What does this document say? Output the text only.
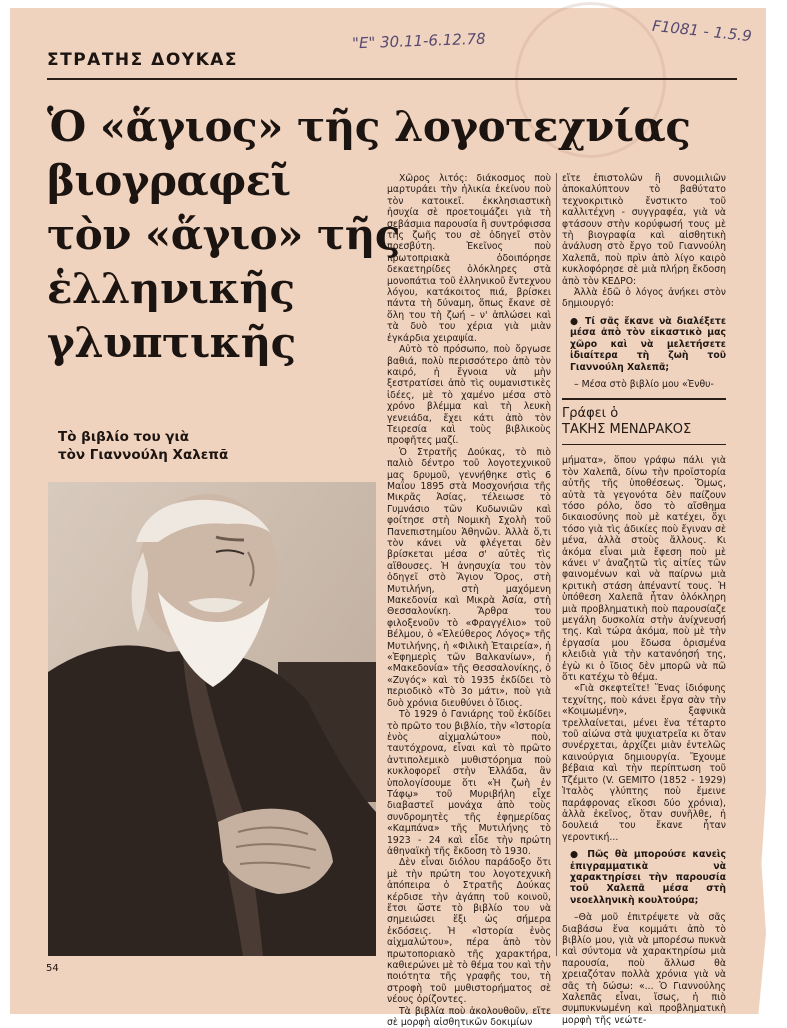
"E" 30.11-6.12.78	F1081 - 1.5.9
ΣΤΡΑΤΗΣ ΔΟΥΚΑΣ
Ὁ «ἅγιος» τῆς λογοτεχνίας
βιογραφεῖ
τὸν «ἅγιο» τῆς
ἑλληνικῆς
γλυπτικῆς
Τὸ βιβλίο του γιὰ
τὸν Γιαννούλη Χαλεπᾶ

Χῶρος λιτός: διάκοσμος ποὺ μαρτυράει τὴν ἡλικία ἐκείνου ποὺ τὸν κατοικεῖ. ἐκκλησιαστικὴ ἡσυχία σὲ προετοιμάζει γιὰ τὴ σεβάσμια παρουσία ἢ συντρόφισσα τῆς ζωῆς του σὲ ὁδηγεῖ στὸν πρεσβύτη. Ἐκεῖνος ποὺ πρωτοπριακὰ ὁδοιπόρησε δεκαετηρίδες ὁλόκληρες στὰ μονοπάτια τοῦ ἑλληνικοῦ ἔντεχνου λόγου, κατάκοιτος πιά, βρίσκει πάντα τὴ δύναμη, ὅπως ἔκανε σὲ ὅλη του τὴ ζωή – ν' ἁπλώσει καὶ τὰ δυὸ του χέρια γιὰ μιὰν ἐγκάρδια χειραψία.

Αὐτὸ τὸ πρόσωπο, ποὺ ὄργωσε βαθιά, πολὺ περισσότερο ἀπὸ τὸν καιρό, ἡ ἔγνοια νὰ μὴν ξεστρατίσει ἀπὸ τὶς ουμανιστικὲς ἰδέες, μὲ τὸ χαμένο μέσα στὸ χρόνο βλέμμα καὶ τὴ λευκὴ γενειάδα, ἔχει κάτι ἀπὸ τὸν Τειρεσία καὶ τοὺς βιβλικοὺς προφῆτες μαζί.

Ὁ Στρατῆς Δούκας, τὸ πιὸ παλιὸ δέντρο τοῦ λογοτεχνικοῦ μας δρυμοῦ, γεννήθηκε στὶς 6 Μαΐου 1895 στὰ Μοσχονήσια τῆς Μικρᾶς Ἀσίας, τέλειωσε τὸ Γυμνάσιο τῶν Κυδωνιῶν καὶ φοίτησε στὴ Νομικὴ Σχολὴ τοῦ Πανεπιστημίου Ἀθηνῶν. Ἀλλὰ ὅ,τι τὸν κάνει νὰ φλέγεται δὲν βρίσκεται μέσα σ' αὐτὲς τὶς αἴθουσες. Ἡ ἀνησυχία του τὸν ὁδηγεῖ στὸ Ἅγιον Ὄρος, στὴ Μυτιλήνη, στὴ μαχόμενη Μακεδονία καὶ Μικρὰ Ἀσία, στὴ Θεσσαλονίκη. Ἄρθρα του φιλοξενοῦν τὸ «Φραγγέλιο» τοῦ Βέλμου, ὁ «Ἐλεύθερος Λόγος» τῆς Μυτιλήνης, ἡ «Φιλικὴ Ἑταιρεία», ἡ «Ἐφημερὶς τῶν Βαλκανίων», ἡ «Μακεδονία» τῆς Θεσσαλονίκης, ὁ «Ζυγός» καὶ τὸ 1935 ἐκδίδει τὸ περιοδικὸ «Τὸ 3ο μάτι», ποὺ γιὰ δυὸ χρόνια διευθύνει ὁ ἴδιος.

Τὸ 1929 ὁ Γανιάρης τοῦ ἐκδίδει τὸ πρῶτο του βιβλίο, τὴν «Ἱστορία ἑνὸς αἰχμαλώτου» ποὺ, ταυτόχρονα, εἶναι καὶ τὸ πρῶτο ἀντιπολεμικὸ μυθιστόρημα ποὺ κυκλοφορεῖ στὴν Ἑλλάδα, ἂν ὑπολογίσουμε ὅτι «Ἡ ζωὴ ἐν Τάφῳ» τοῦ Μυριβήλη εἶχε διαβαστεῖ μονάχα ἀπὸ τοὺς συνδρομητὲς τῆς ἐφημερίδας «Καμπάνα» τῆς Μυτιλήνης τὸ 1923 - 24 καὶ εἶδε τὴν πρώτη ἀθηναϊκὴ τῆς ἔκδοση τὸ 1930.

Δὲν εἶναι διόλου παράδοξο ὅτι μὲ τὴν πρώτη του λογοτεχνικὴ ἀπόπειρα ὁ Στρατῆς Δούκας κέρδισε τὴν ἀγάπη τοῦ κοινοῦ, ἔτσι ὥστε τὸ βιβλίο του νὰ σημειώσει ἕξι ὡς σήμερα ἐκδόσεις. Ἡ «Ἱστορία ἑνὸς αἰχμαλώτου», πέρα ἀπὸ τὸν πρωτοποριακὸ τῆς χαρακτήρα, καθιερώνει μὲ τὸ θέμα του καὶ τὴν ποιότητα τῆς γραφῆς του, τὴ στροφὴ τοῦ μυθιστορήματος σὲ νέους ὁρίζοντες.

Τὰ βιβλία ποὺ ἀκολουθοῦν, εἴτε σὲ μορφὴ αἰσθητικῶν δοκιμίων

εἴτε ἐπιστολῶν ἢ συνομιλιῶν ἀποκαλύπτουν τὸ βαθύτατο τεχνοκριτικὸ ἔνστικτο τοῦ καλλιτέχνη - συγγραφέα, γιὰ νὰ φτάσουν στὴν κορύφωσή τους μὲ τὴ βιογραφία καὶ αἰσθητικὴ ἀνάλυση στὸ ἔργο τοῦ Γιαννούλη Χαλεπᾶ, ποὺ πρὶν ἀπὸ λίγο καιρὸ κυκλοφόρησε σὲ μιὰ πλήρη ἔκδοση ἀπὸ τὸν ΚΕΔΡΟ:

Ἀλλὰ ἐδῶ ὁ λόγος ἀνήκει στὸν δημιουργό:

● Τί σᾶς ἔκανε νὰ διαλέξετε μέσα ἀπὸ τὸν εἰκαστικὸ μας χῶρο καὶ νὰ μελετήσετε ἰδιαίτερα τὴ ζωὴ τοῦ Γιαννούλη Χαλεπᾶ;

– Μέσα στὸ βιβλίο μου «Ἐνθυ-

Γράφει ὁ
ΤΑΚΗΣ ΜΕΝΔΡΑΚΟΣ

μήματα», ὅπου γράφω πάλι γιὰ τὸν Χαλεπᾶ, δίνω τὴν προϊστορία αὐτῆς τῆς ὑποθέσεως. Ὅμως, αὐτὰ τὰ γεγονότα δὲν παίζουν τόσο ρόλο, ὅσο τὸ αἴσθημα δικαιοσύνης ποὺ μὲ κατέχει, ὄχι τόσο γιὰ τὶς ἀδικίες ποὺ ἔγιναν σὲ μένα, ἀλλὰ στοὺς ἄλλους. Κι ἀκόμα εἶναι μιὰ ἔφεση ποὺ μὲ κάνει ν' ἀναζητῶ τὶς αἰτίες τῶν φαινομένων καὶ νὰ παίρνω μιὰ κριτικὴ στάση ἀπέναντί τους. Ἡ ὑπόθεση Χαλεπᾶ ἦταν ὁλόκληρη μιὰ προβληματικὴ ποὺ παρουσίαζε μεγάλη δυσκολία στὴν ἀνίχνευσή της. Καὶ τώρα ἀκόμα, ποὺ μὲ τὴν ἐργασία μου ἔδωσα ὁρισμένα κλειδιὰ γιὰ τὴν κατανόησή της, ἐγὼ κι ὁ ἴδιος δὲν μπορῶ νὰ πῶ ὅτι κατέχω τὸ θέμα.

«Γιὰ σκεφτεῖτε! Ἕνας ἰδιόφυης τεχνίτης, ποὺ κάνει ἔργα σὰν τὴν «Κοιμωμένη», ξαφνικὰ τρελλαίνεται, μένει ἕνα τέταρτο τοῦ αἰώνα στὰ ψυχιατρεῖα κι ὅταν συνέρχεται, ἀρχίζει μιὰν ἐντελῶς καινούργια δημιουργία. Ἔχουμε βέβαια καὶ τὴν περίπτωση τοῦ Τζέμιτο (V. GEMITO (1852 - 1929) Ἰταλὸς γλύπτης ποὺ ἔμεινε παράφρονας εἴκοσι δύο χρόνια), ἀλλὰ ἐκεῖνος, ὅταν συνῆλθε, ἡ δουλειά του ἔκανε ἦταν γεροντική...

● Πῶς θὰ μπορούσε κανεὶς ἐπιγραμματικὰ νὰ χαρακτηρίσει τὴν παρουσία τοῦ Χαλεπᾶ μέσα στὴ νεοελληνικὴ κουλτούρα;

–Θὰ μοῦ ἐπιτρέψετε νὰ σᾶς διαβάσω ἕνα κομμάτι ἀπὸ τὸ βιβλίο μου, γιὰ νὰ μπορέσω πυκνὰ καὶ σύντομα νὰ χαρακτηρίσω μιὰ παρουσία, ποὺ ἄλλωσ θὰ χρειαζόταν πολλὰ χρόνια γιὰ νὰ σᾶς τὴ δώσω: «... Ὁ Γιαννούλης Χαλεπᾶς εἶναι, ἴσως, ἡ πιὸ συμπυκνωμένη καὶ προβληματικὴ μορφὴ τῆς νεώτε-

54
